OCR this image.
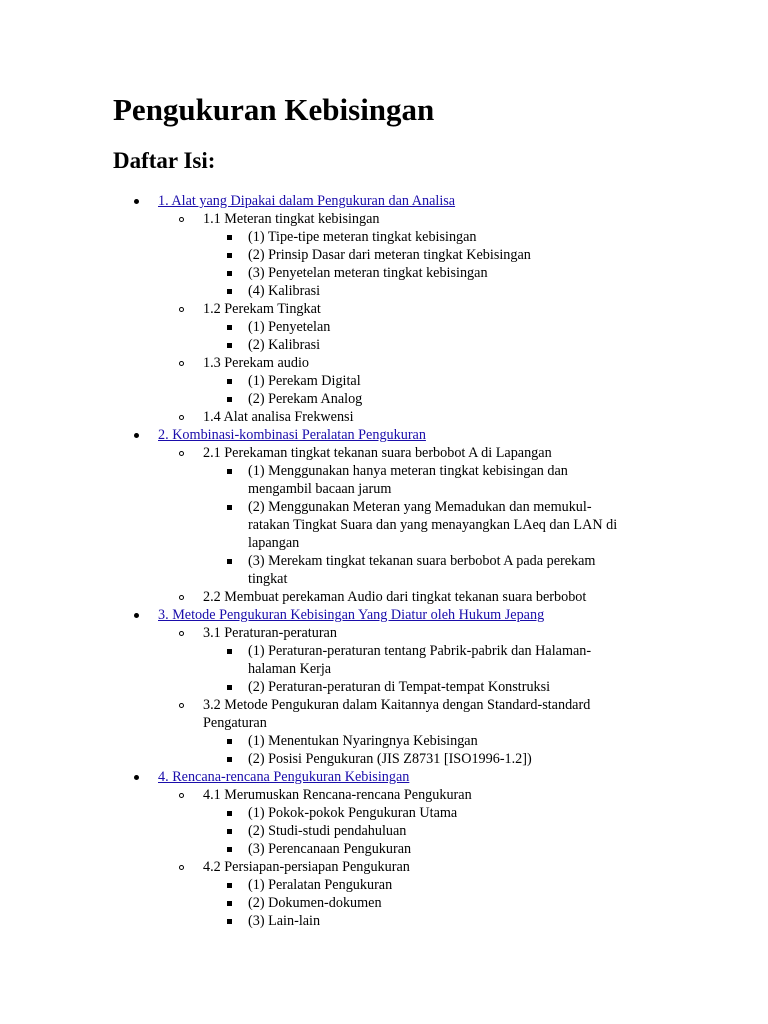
Pengukuran Kebisingan
Daftar Isi:
1. Alat yang Dipakai dalam Pengukuran dan Analisa
1.1 Meteran tingkat kebisingan
(1) Tipe-tipe meteran tingkat kebisingan
(2) Prinsip Dasar dari meteran tingkat Kebisingan
(3) Penyetelan meteran tingkat kebisingan
(4) Kalibrasi
1.2 Perekam Tingkat
(1) Penyetelan
(2) Kalibrasi
1.3 Perekam audio
(1) Perekam Digital
(2) Perekam Analog
1.4 Alat analisa Frekwensi
2. Kombinasi-kombinasi Peralatan Pengukuran
2.1 Perekaman tingkat tekanan suara berbobot A di Lapangan
(1) Menggunakan hanya meteran tingkat kebisingan dan mengambil bacaan jarum
(2) Menggunakan Meteran yang Memadukan dan memukul-ratakan Tingkat Suara dan yang menayangkan LAeq dan LAN di lapangan
(3) Merekam tingkat tekanan suara berbobot A pada perekam tingkat
2.2 Membuat perekaman Audio dari tingkat tekanan suara berbobot
3. Metode Pengukuran Kebisingan Yang Diatur oleh Hukum Jepang
3.1 Peraturan-peraturan
(1) Peraturan-peraturan tentang Pabrik-pabrik dan Halaman-halaman Kerja
(2) Peraturan-peraturan di Tempat-tempat Konstruksi
3.2 Metode Pengukuran dalam Kaitannya dengan Standard-standard Pengaturan
(1) Menentukan Nyaringnya Kebisingan
(2) Posisi Pengukuran (JIS Z8731 [ISO1996-1.2])
4. Rencana-rencana Pengukuran Kebisingan
4.1 Merumuskan Rencana-rencana Pengukuran
(1) Pokok-pokok Pengukuran Utama
(2) Studi-studi pendahuluan
(3) Perencanaan Pengukuran
4.2 Persiapan-persiapan Pengukuran
(1) Peralatan Pengukuran
(2) Dokumen-dokumen
(3) Lain-lain
